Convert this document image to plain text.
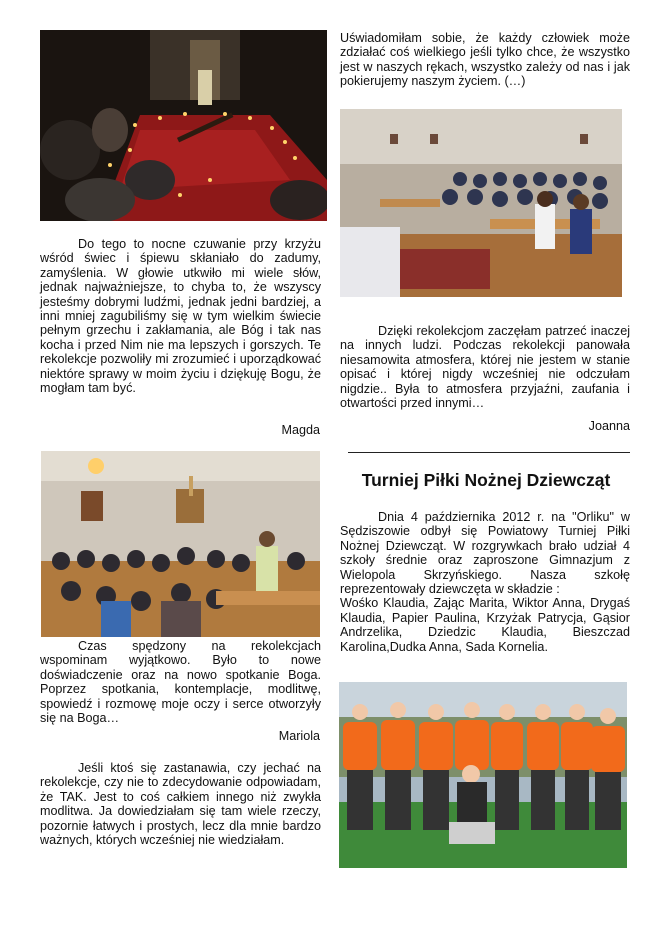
Uświadomiłam sobie, że każdy człowiek może zdziałać coś wielkiego jeśli tylko chce, że wszystko jest w naszych rękach, wszystko zależy od nas i jak pokierujemy naszym życiem. (…)

Do tego to nocne czuwanie przy krzyżu wśród świec i śpiewu skłaniało do zadumy, zamyślenia. W głowie utkwiło mi wiele słów, jednak najważniejsze, to chyba to, że wszyscy jesteśmy dobrymi ludźmi, jednak jedni bardziej, a inni mniej zagubiliśmy się w tym wielkim świecie pełnym grzechu i zakłamania, ale Bóg i tak nas kocha i przed Nim nie ma lepszych i gorszych. Te rekolekcje pozwoliły mi zrozumieć i uporządkować niektóre sprawy w moim życiu i dziękuję Bogu, że mogłam tam być.

Magda

Dzięki rekolekcjom zaczęłam patrzeć inaczej na innych ludzi. Podczas rekolekcji panowała niesamowita atmosfera, której nie jestem w stanie opisać i której nigdy wcześniej nie odczułam nigdzie.. Była to atmosfera przyjaźni, zaufania i otwartości przed innymi…

Joanna
Turniej Piłki Nożnej Dziewcząt

Dnia 4 października 2012 r. na "Orliku" w Sędziszowie odbył się Powiatowy Turniej Piłki Nożnej Dziewcząt. W rozgrywkach brało udział 4 szkoły średnie oraz zaproszone Gimnazjum z Wielopola Skrzyńskiego. Nasza szkołę reprezentowały dziewczęta w składzie :

Wośko Klaudia, Zając Marita, Wiktor Anna, Drygaś Klaudia, Papier Paulina, Krzyżak Patrycja, Gąsior Andrzelika, Dziedzic Klaudia, Bieszczad Karolina,Dudka Anna, Sada Kornelia.

Czas spędzony na rekolekcjach wspominam wyjątkowo. Było to nowe doświadczenie oraz na nowo spotkanie Boga. Poprzez spotkania, kontemplacje, modlitwę, spowiedź i rozmowę moje oczy i serce otworzyły się na Boga…

Mariola

Jeśli ktoś się zastanawia, czy jechać na rekolekcje, czy nie to zdecydowanie odpowiadam, że TAK. Jest to coś całkiem innego niż zwykła modlitwa. Ja dowiedziałam się tam wiele rzeczy, pozornie łatwych i prostych, lecz dla mnie bardzo ważnych, których wcześniej nie wiedziałam.
